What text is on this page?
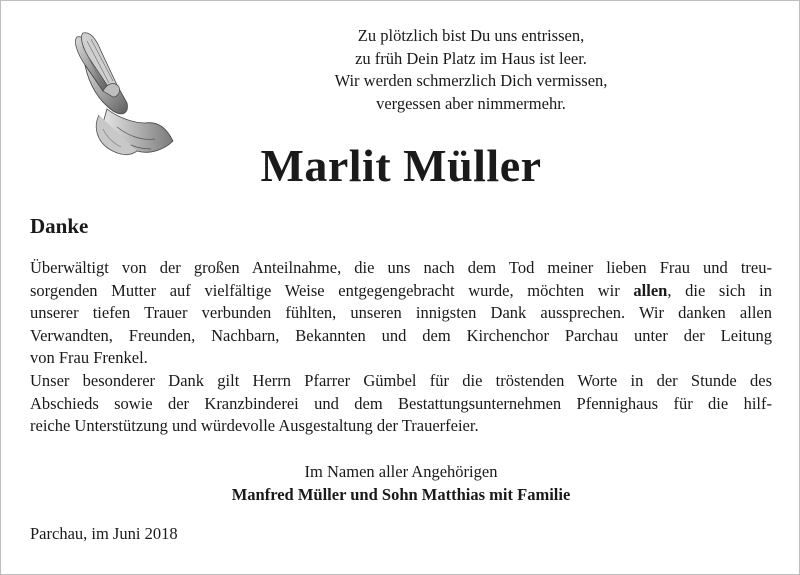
Zu plötzlich bist Du uns entrissen,
zu früh Dein Platz im Haus ist leer.
Wir werden schmerzlich Dich vermissen,
vergessen aber nimmermehr.
Marlit Müller
Danke
Überwältigt von der großen Anteilnahme, die uns nach dem Tod meiner lieben Frau und treu-
sorgenden Mutter auf vielfältige Weise entgegengebracht wurde, möchten wir allen, die sich in
unserer tiefen Trauer verbunden fühlten, unseren innigsten Dank aussprechen. Wir danken allen
Verwandten, Freunden, Nachbarn, Bekannten und dem Kirchenchor Parchau unter der Leitung
von Frau Frenkel.
Unser besonderer Dank gilt Herrn Pfarrer Gümbel für die tröstenden Worte in der Stunde des
Abschieds sowie der Kranzbinderei und dem Bestattungsunternehmen Pfennighaus für die hilf-
reiche Unterstützung und würdevolle Ausgestaltung der Trauerfeier.
Im Namen aller Angehörigen
Manfred Müller und Sohn Matthias mit Familie
Parchau, im Juni 2018
